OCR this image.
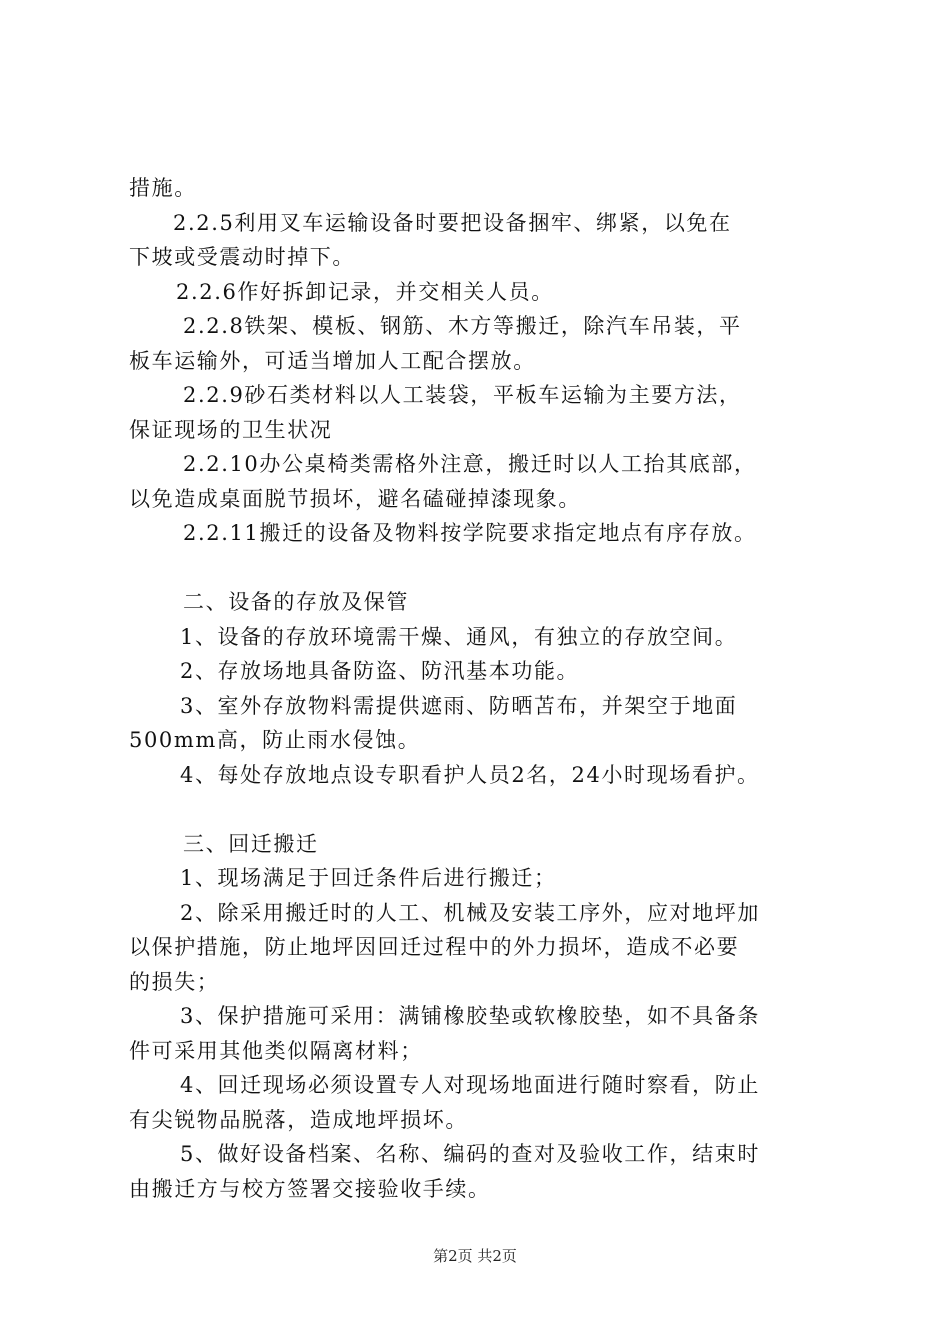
措施。
2.2.5利用叉车运输设备时要把设备捆牢、绑紧，以免在
下坡或受震动时掉下。
2.2.6作好拆卸记录，并交相关人员。
2.2.8铁架、模板、钢筋、木方等搬迁，除汽车吊装，平
板车运输外，可适当增加人工配合摆放。
2.2.9砂石类材料以人工装袋，平板车运输为主要方法，
保证现场的卫生状况
2.2.10办公桌椅类需格外注意，搬迁时以人工抬其底部，
以免造成桌面脱节损坏，避名磕碰掉漆现象。
2.2.11搬迁的设备及物料按学院要求指定地点有序存放。
二、设备的存放及保管
1、设备的存放环境需干燥、通风，有独立的存放空间。
2、存放场地具备防盗、防汛基本功能。
3、室外存放物料需提供遮雨、防晒苫布，并架空于地面
500mm高，防止雨水侵蚀。
4、每处存放地点设专职看护人员2名，24小时现场看护。
三、回迁搬迁
1、现场满足于回迁条件后进行搬迁；
2、除采用搬迁时的人工、机械及安装工序外，应对地坪加
以保护措施，防止地坪因回迁过程中的外力损坏，造成不必要
的损失；
3、保护措施可采用：满铺橡胶垫或软橡胶垫，如不具备条
件可采用其他类似隔离材料；
4、回迁现场必须设置专人对现场地面进行随时察看，防止
有尖锐物品脱落，造成地坪损坏。
5、做好设备档案、名称、编码的查对及验收工作，结束时
由搬迁方与校方签署交接验收手续。
第2页 共2页
